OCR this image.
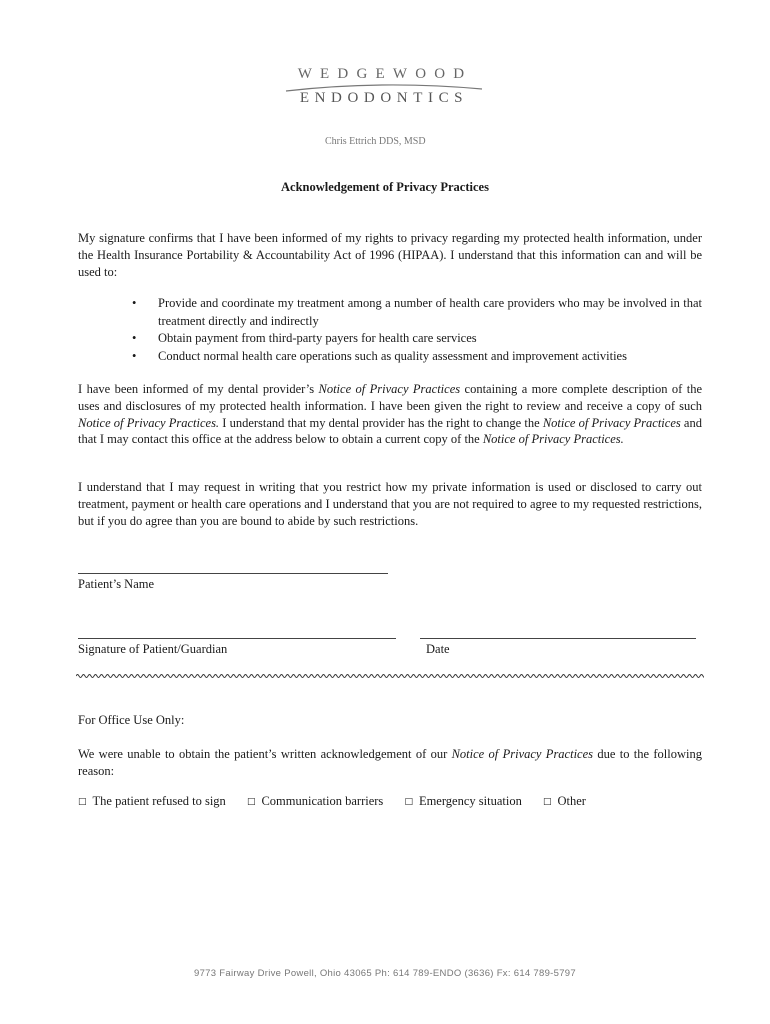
WEDGEWOOD
ENDODONTICS
Chris Ettrich DDS, MSD
Acknowledgement of Privacy Practices
My signature confirms that I have been informed of my rights to privacy regarding my protected health information, under the Health Insurance Portability & Accountability Act of 1996 (HIPAA). I understand that this information can and will be used to:
• Provide and coordinate my treatment among a number of health care providers who may be involved in that treatment directly and indirectly
• Obtain payment from third-party payers for health care services
• Conduct normal health care operations such as quality assessment and improvement activities
I have been informed of my dental provider’s Notice of Privacy Practices containing a more complete description of the uses and disclosures of my protected health information. I have been given the right to review and receive a copy of such Notice of Privacy Practices. I understand that my dental provider has the right to change the Notice of Privacy Practices and that I may contact this office at the address below to obtain a current copy of the Notice of Privacy Practices.
I understand that I may request in writing that you restrict how my private information is used or disclosed to carry out treatment, payment or health care operations and I understand that you are not required to agree to my requested restrictions, but if you do agree than you are bound to abide by such restrictions.
Patient’s Name
Signature of Patient/Guardian	Date
For Office Use Only:
We were unable to obtain the patient’s written acknowledgement of our Notice of Privacy Practices due to the following reason:
□ The patient refused to sign □ Communication barriers □ Emergency situation □ Other
9773 Fairway Drive Powell, Ohio 43065 Ph: 614 789-ENDO (3636) Fx: 614 789-5797
